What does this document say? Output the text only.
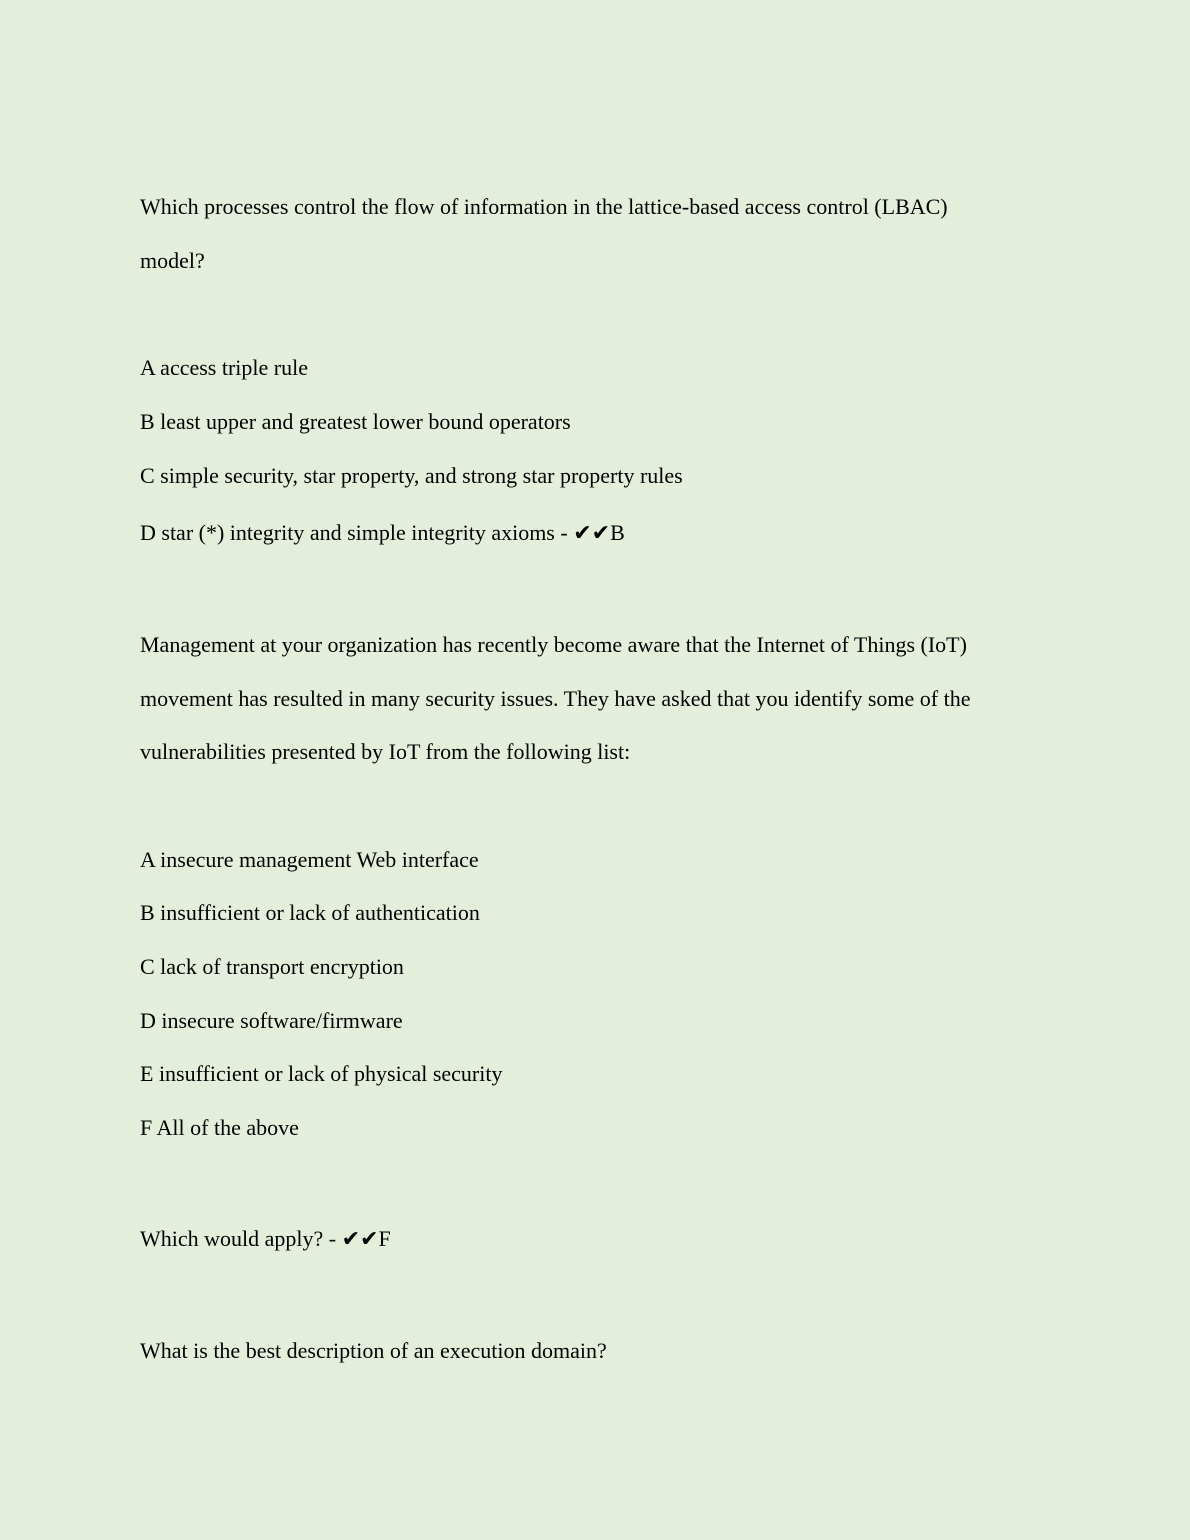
Which processes control the flow of information in the lattice-based access control (LBAC)
model?
A access triple rule
B least upper and greatest lower bound operators
C simple security, star property, and strong star property rules
D star (*) integrity and simple integrity axioms - ✔✔B
Management at your organization has recently become aware that the Internet of Things (IoT)
movement has resulted in many security issues. They have asked that you identify some of the
vulnerabilities presented by IoT from the following list:
A insecure management Web interface
B insufficient or lack of authentication
C lack of transport encryption
D insecure software/firmware
E insufficient or lack of physical security
F All of the above
Which would apply? - ✔✔F
What is the best description of an execution domain?
